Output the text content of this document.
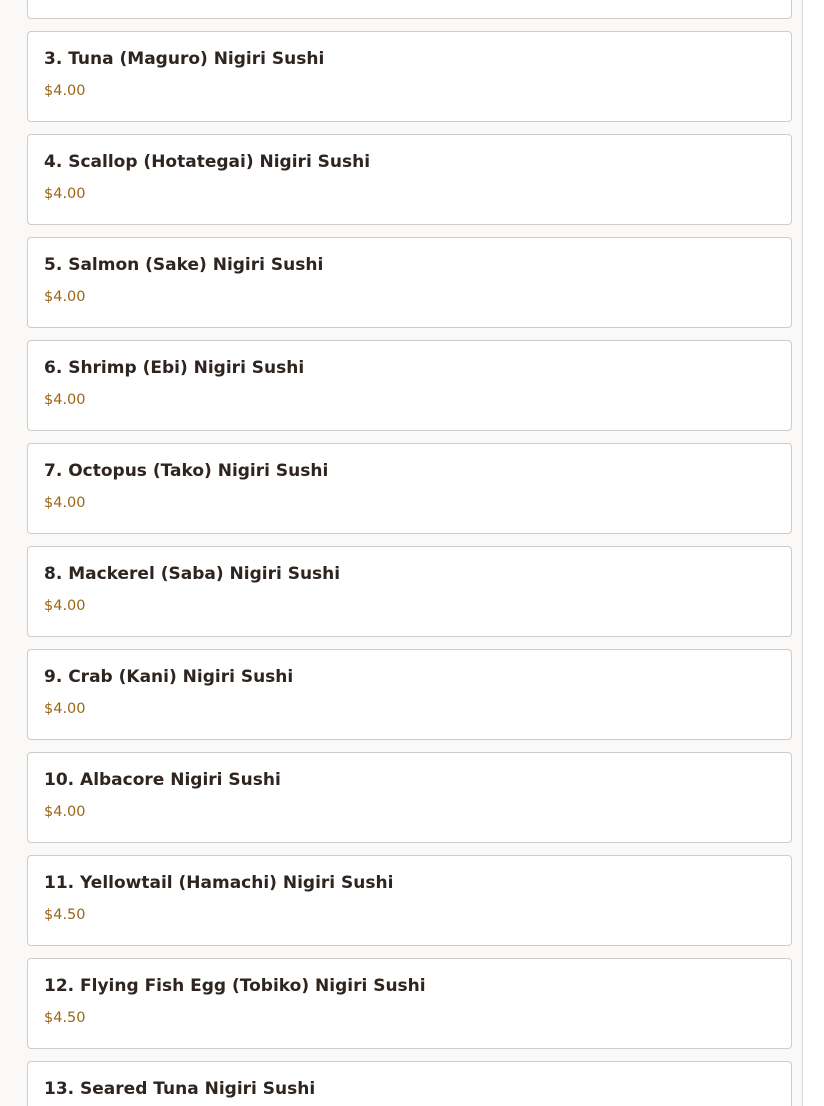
3. Tuna (Maguro) Nigiri Sushi

$4.00

4. Scallop (Hotategai) Nigiri Sushi

$4.00

5. Salmon (Sake) Nigiri Sushi

$4.00

6. Shrimp (Ebi) Nigiri Sushi

$4.00

7. Octopus (Tako) Nigiri Sushi

$4.00

8. Mackerel (Saba) Nigiri Sushi

$4.00

9. Crab (Kani) Nigiri Sushi

$4.00

10. Albacore Nigiri Sushi

$4.00

11. Yellowtail (Hamachi) Nigiri Sushi

$4.50

12. Flying Fish Egg (Tobiko) Nigiri Sushi

$4.50

13. Seared Tuna Nigiri Sushi
